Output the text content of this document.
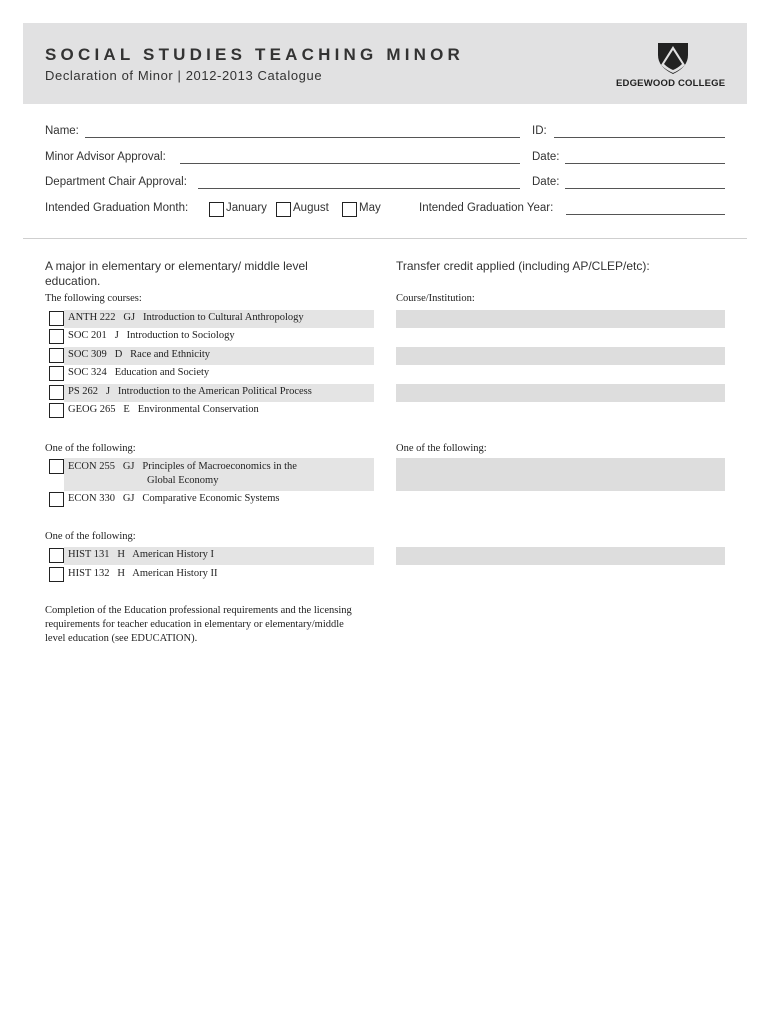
SOCIAL STUDIES TEACHING MINOR
Declaration of Minor | 2012-2013 Catalogue
EDGEWOOD COLLEGE
Name:	ID:
Minor Advisor Approval:	Date:
Department Chair Approval:	Date:
Intended Graduation Month:	January August	May	Intended Graduation Year:
A major in elementary or elementary/ middle level education.
The following courses:
ANTH 222 GJ Introduction to Cultural Anthropology
SOC 201 J Introduction to Sociology
SOC 309 D Race and Ethnicity
SOC 324 Education and Society
PS 262 J Introduction to the American Political Process
GEOG 265 E Environmental Conservation
One of the following:
ECON 255 GJ Principles of Macroeconomics in the
Global Economy
ECON 330 GJ Comparative Economic Systems
One of the following:
HIST 131 H American History I
HIST 132 H American History II
Completion of the Education professional requirements and the licensing
requirements for teacher education in elementary or elementary/middle
level education (see EDUCATION).
Transfer credit applied (including AP/CLEP/etc):
Course/Institution:
One of the following:
